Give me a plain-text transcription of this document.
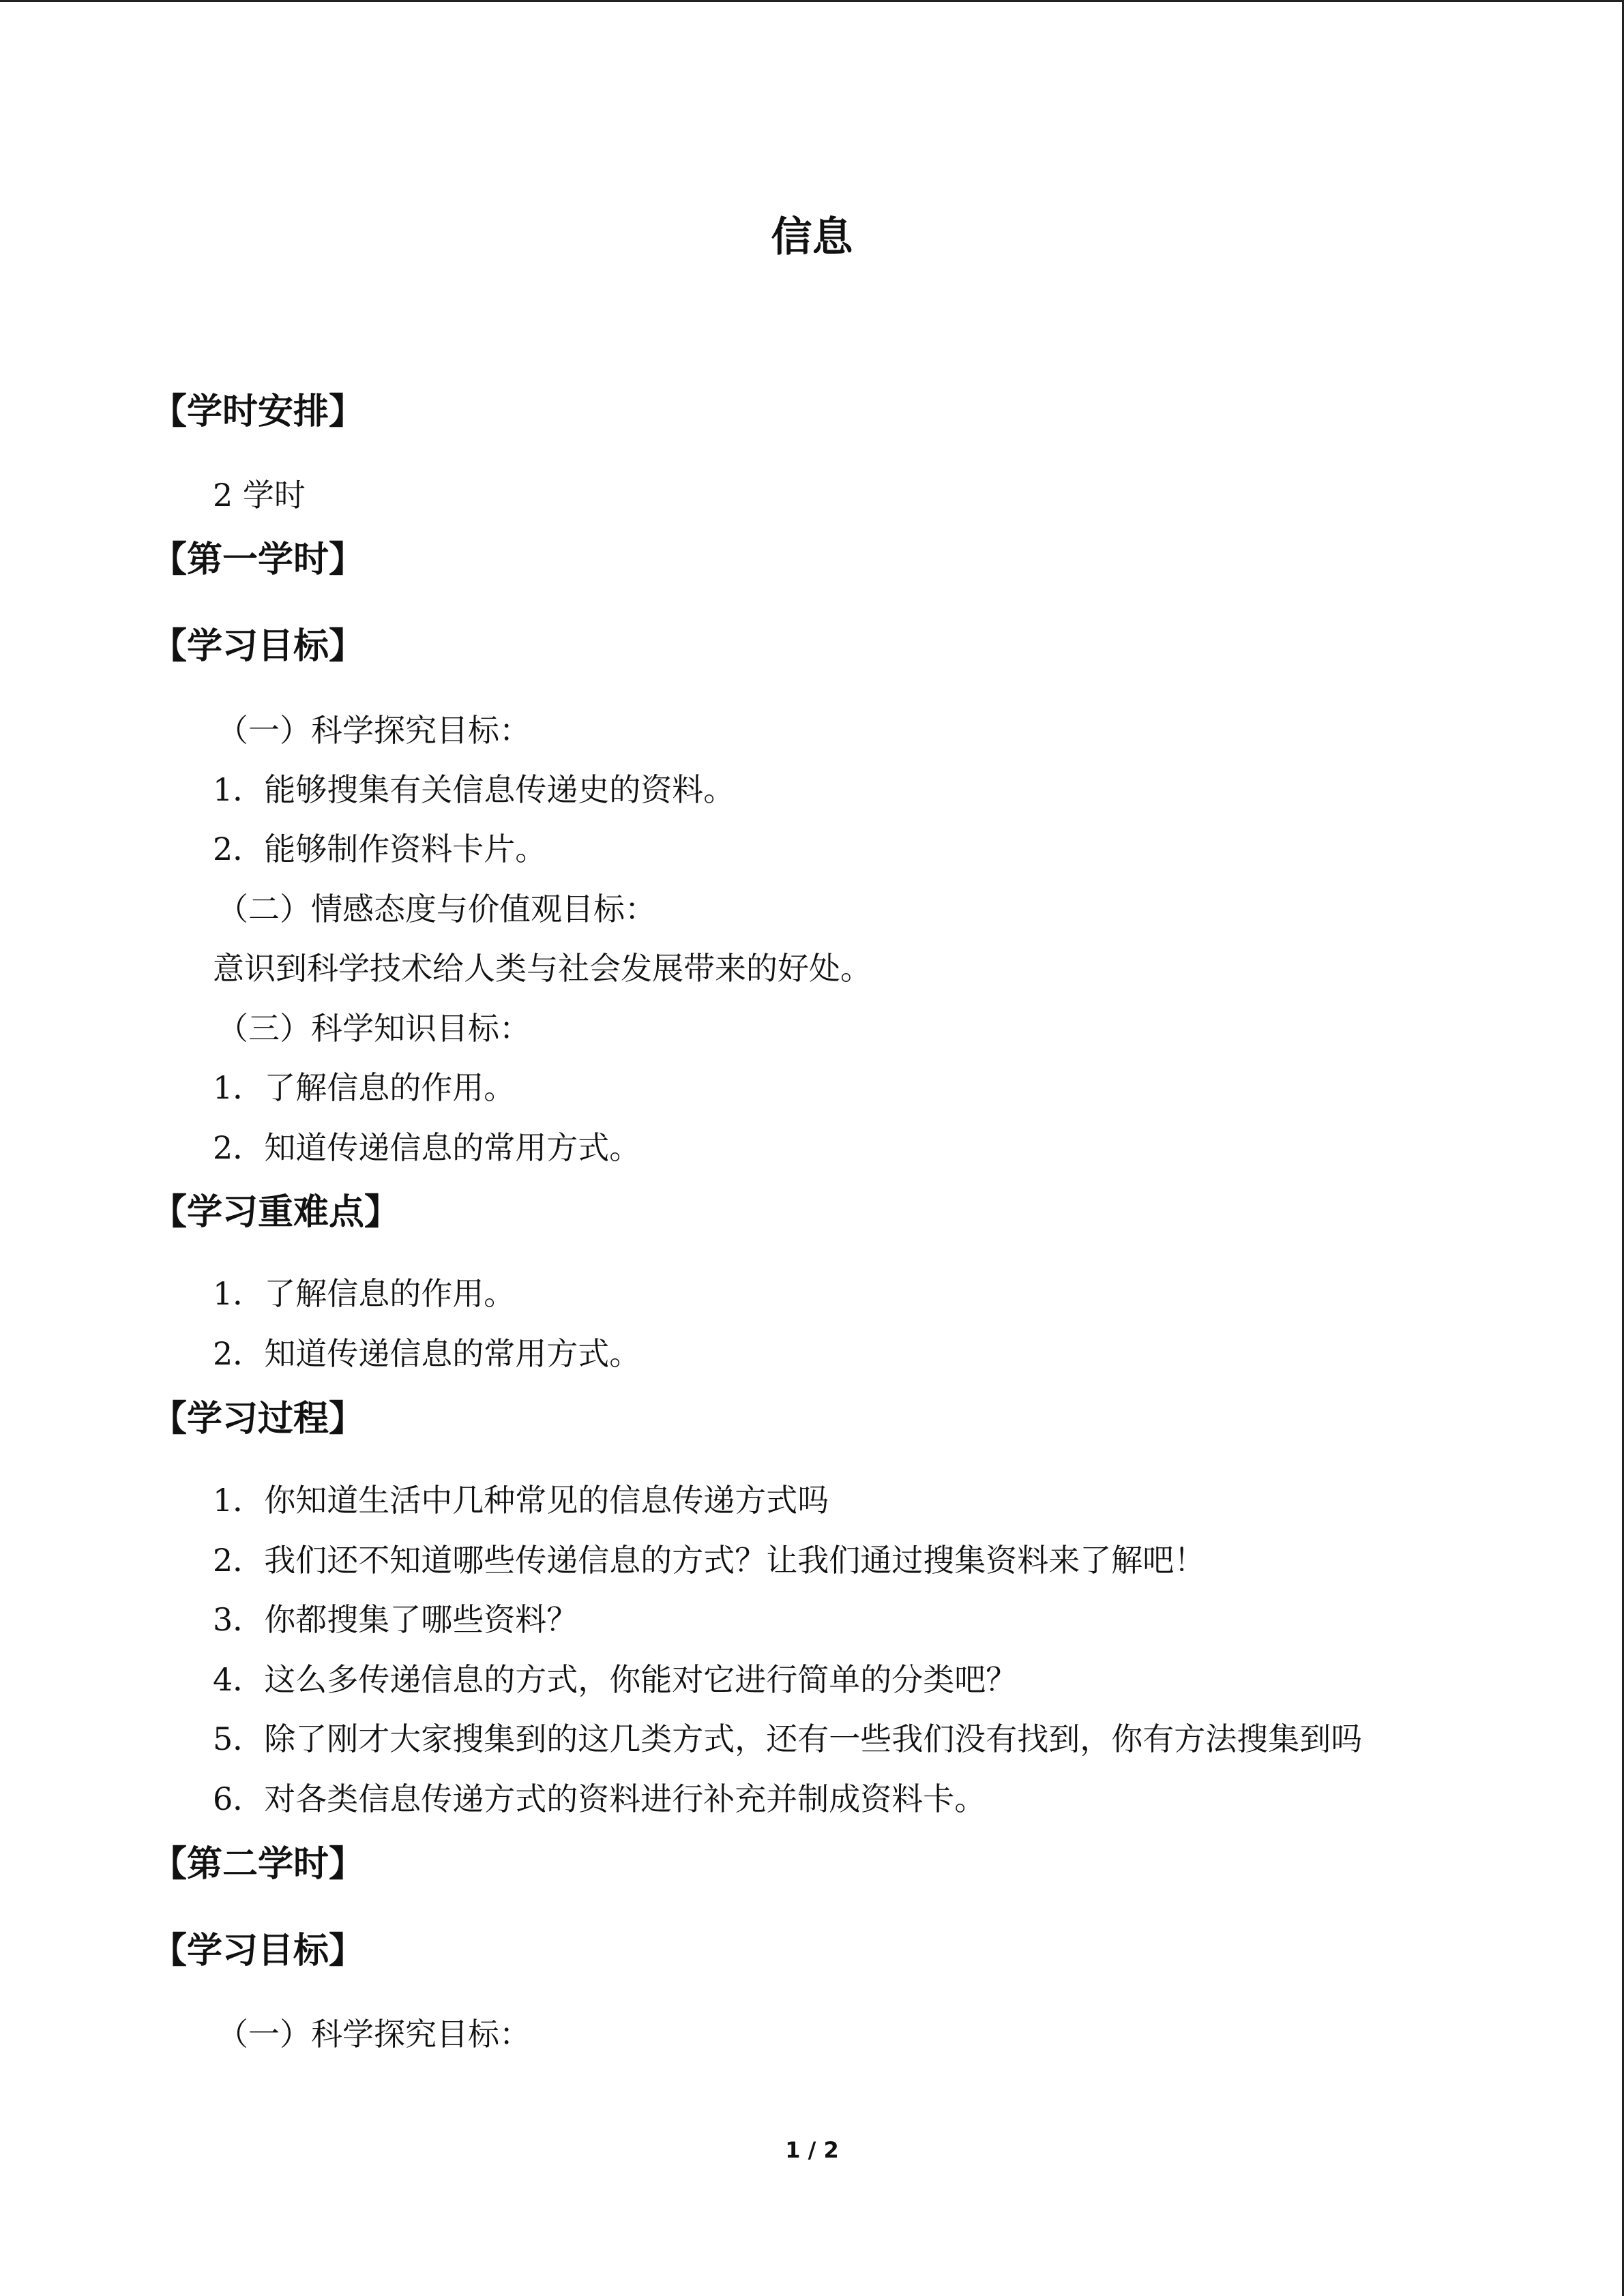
信息
【学时安排】
2 学时
【第一学时】
【学习目标】
（一）科学探究目标：
1．能够搜集有关信息传递史的资料。
2．能够制作资料卡片。
（二）情感态度与价值观目标：
意识到科学技术给人类与社会发展带来的好处。
（三）科学知识目标：
1．了解信息的作用。
2．知道传递信息的常用方式。
【学习重难点】
1．了解信息的作用。
2．知道传递信息的常用方式。
【学习过程】
1．你知道生活中几种常见的信息传递方式吗
2．我们还不知道哪些传递信息的方式？让我们通过搜集资料来了解吧！
3．你都搜集了哪些资料？
4．这么多传递信息的方式，你能对它进行简单的分类吧？
5．除了刚才大家搜集到的这几类方式，还有一些我们没有找到，你有方法搜集到吗
6．对各类信息传递方式的资料进行补充并制成资料卡。
【第二学时】
【学习目标】
（一）科学探究目标：
1 / 2
